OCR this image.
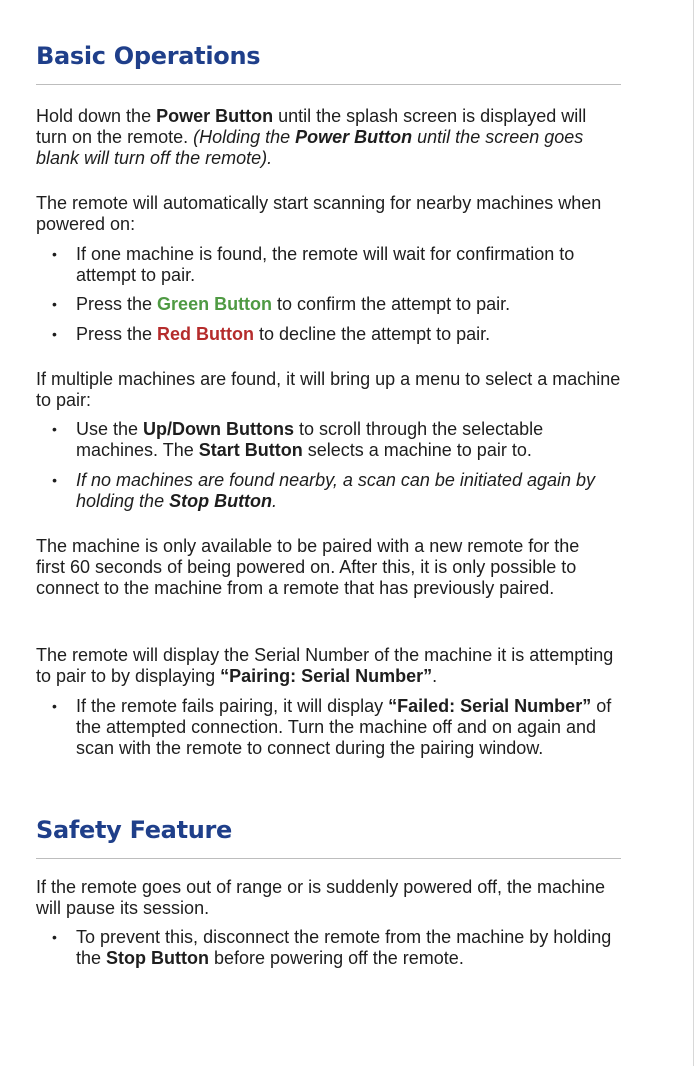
Basic Operations

Hold down the Power Button until the splash screen is displayed will turn on the remote. (Holding the Power Button until the screen goes blank will turn off the remote).

The remote will automatically start scanning for nearby machines when powered on:

• If one machine is found, the remote will wait for confirmation to attempt to pair.
• Press the Green Button to confirm the attempt to pair.
• Press the Red Button to decline the attempt to pair.

If multiple machines are found, it will bring up a menu to select a machine to pair:

• Use the Up/Down Buttons to scroll through the selectable machines. The Start Button selects a machine to pair to.
• If no machines are found nearby, a scan can be initiated again by holding the Stop Button.

The machine is only available to be paired with a new remote for the first 60 seconds of being powered on. After this, it is only possible to connect to the machine from a remote that has previously paired.

The remote will display the Serial Number of the machine it is attempting to pair to by displaying “Pairing: Serial Number”.

• If the remote fails pairing, it will display “Failed: Serial Number” of the attempted connection. Turn the machine off and on again and scan with the remote to connect during the pairing window.
Safety Feature

If the remote goes out of range or is suddenly powered off, the machine will pause its session.

• To prevent this, disconnect the remote from the machine by holding the Stop Button before powering off the remote.
